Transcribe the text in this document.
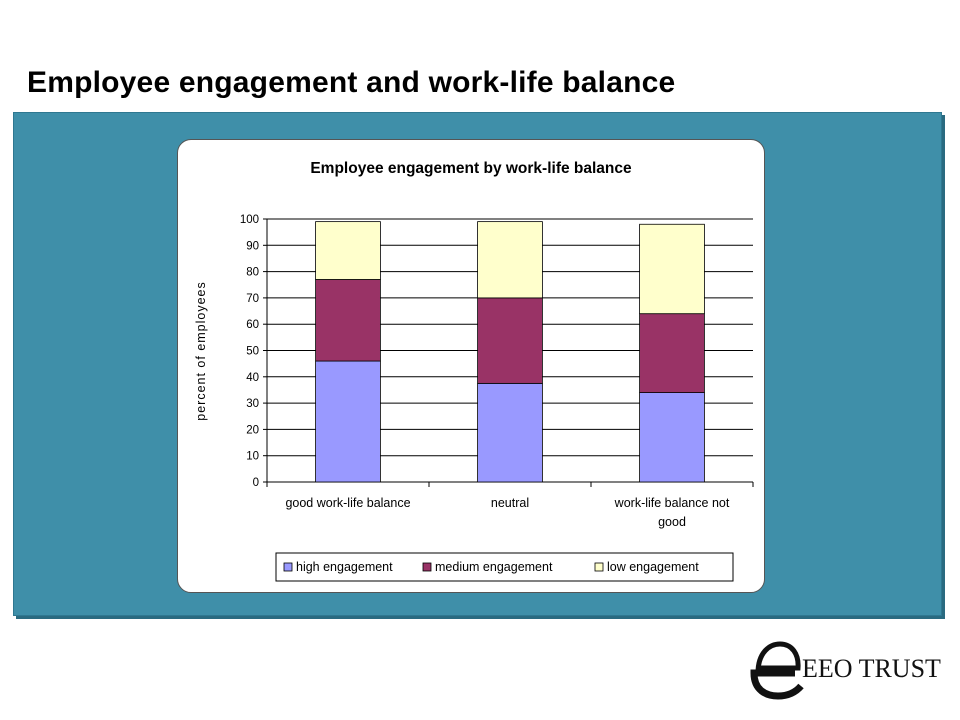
Employee engagement and work-life balance
Employee engagement by work-life balance
percent of employees
0
10
20
30
40
50
60
70
80
90
100
good work-life balance	neutral	work-life balance not
good
high engagement	medium engagement	low engagement
EEO TRUST
